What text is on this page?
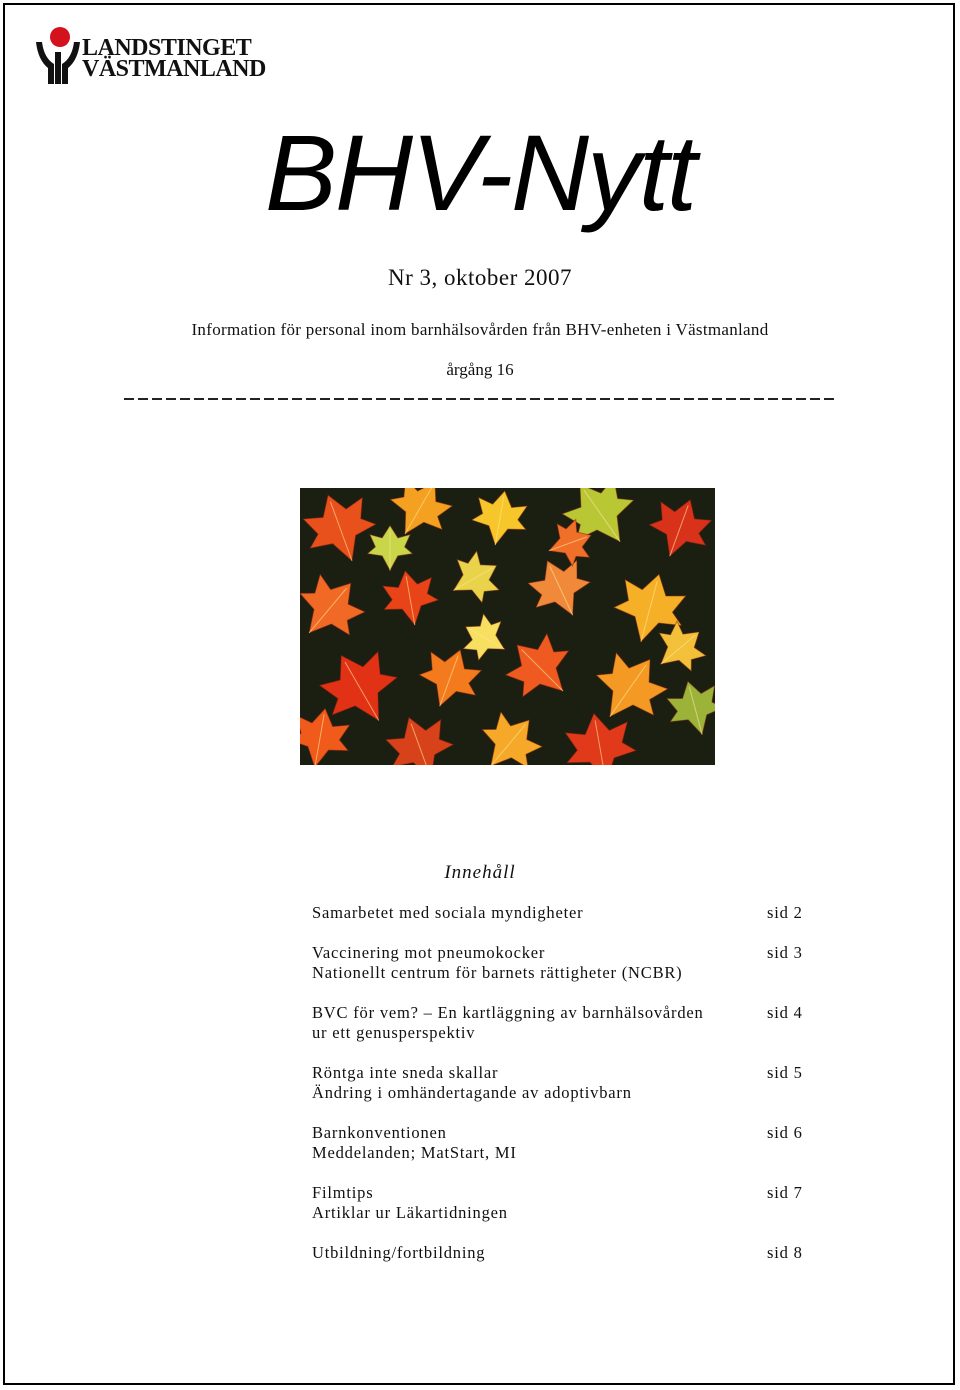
LANDSTINGET
VÄSTMANLAND
BHV-Nytt
Nr 3, oktober 2007
Information för personal inom barnhälsovården från BHV-enheten i Västmanland
årgång 16
Innehåll
Samarbetet med sociala myndigheter	sid 2
Vaccinering mot pneumokocker	sid 3
Nationellt centrum för barnets rättigheter (NCBR)
BVC för vem? – En kartläggning av barnhälsovården	sid 4
ur ett genusperspektiv
Röntga inte sneda skallar	sid 5
Ändring i omhändertagande av adoptivbarn
Barnkonventionen	sid 6
Meddelanden; MatStart, MI
Filmtips	sid 7
Artiklar ur Läkartidningen
Utbildning/fortbildning	sid 8
